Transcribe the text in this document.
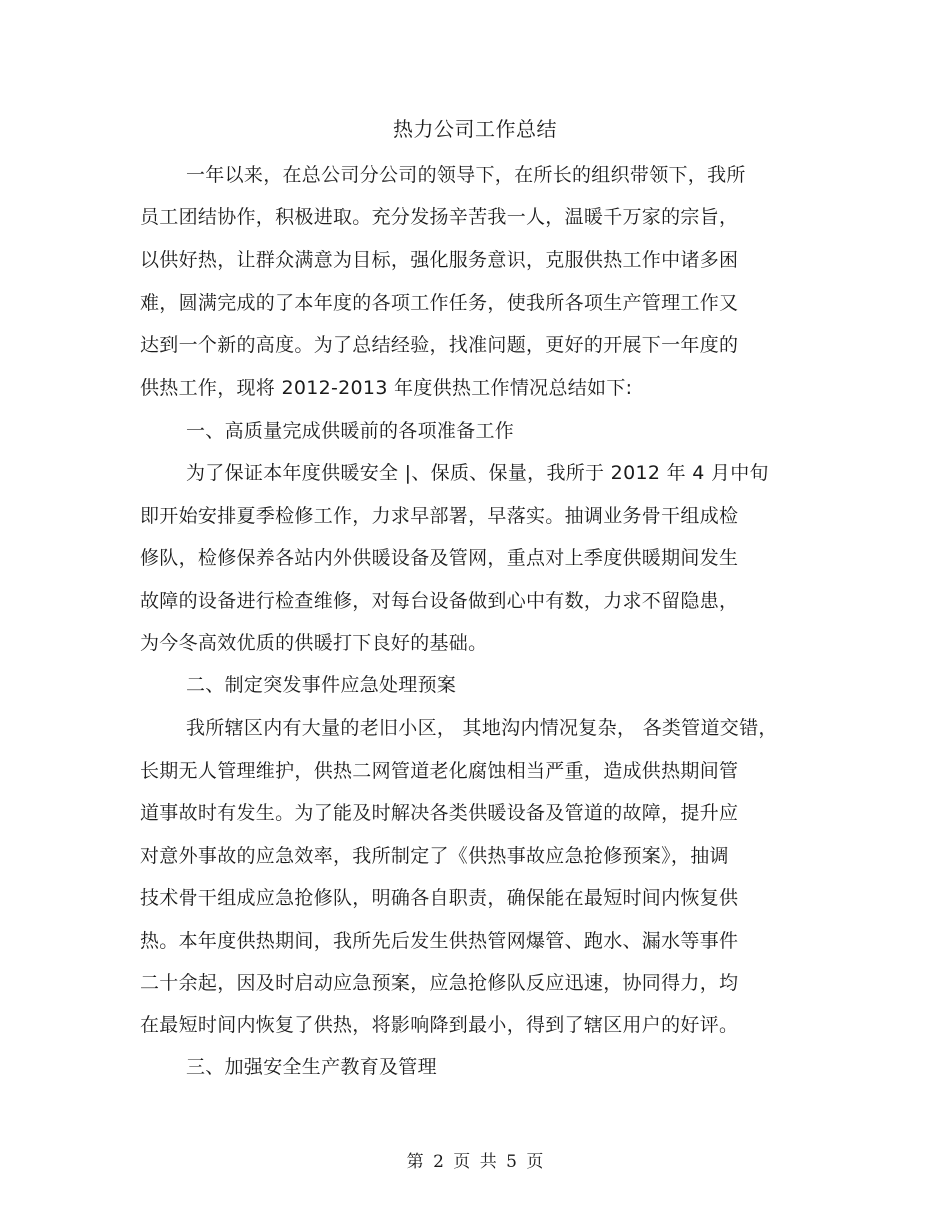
热力公司工作总结
一年以来，在总公司分公司的领导下，在所长的组织带领下，我所
员工团结协作，积极进取。充分发扬辛苦我一人，温暖千万家的宗旨，
以供好热，让群众满意为目标，强化服务意识，克服供热工作中诸多困
难，圆满完成的了本年度的各项工作任务，使我所各项生产管理工作又
达到一个新的高度。为了总结经验，找准问题，更好的开展下一年度的
供热工作，现将 2012-2013 年度供热工作情况总结如下:
一、高质量完成供暖前的各项准备工作
为了保证本年度供暖安全 |、保质、保量，我所于 2012 年 4 月中旬
即开始安排夏季检修工作，力求早部署，早落实。抽调业务骨干组成检
修队，检修保养各站内外供暖设备及管网，重点对上季度供暖期间发生
故障的设备进行检查维修，对每台设备做到心中有数，力求不留隐患，
为今冬高效优质的供暖打下良好的基础。
二、制定突发事件应急处理预案
我所辖区内有大量的老旧小区， 其地沟内情况复杂， 各类管道交错，
长期无人管理维护，供热二网管道老化腐蚀相当严重，造成供热期间管
道事故时有发生。为了能及时解决各类供暖设备及管道的故障，提升应
对意外事故的应急效率，我所制定了《供热事故应急抢修预案》，抽调
技术骨干组成应急抢修队，明确各自职责，确保能在最短时间内恢复供
热。本年度供热期间，我所先后发生供热管网爆管、跑水、漏水等事件
二十余起，因及时启动应急预案，应急抢修队反应迅速，协同得力，均
在最短时间内恢复了供热，将影响降到最小，得到了辖区用户的好评。
三、加强安全生产教育及管理
第 2 页 共 5 页
